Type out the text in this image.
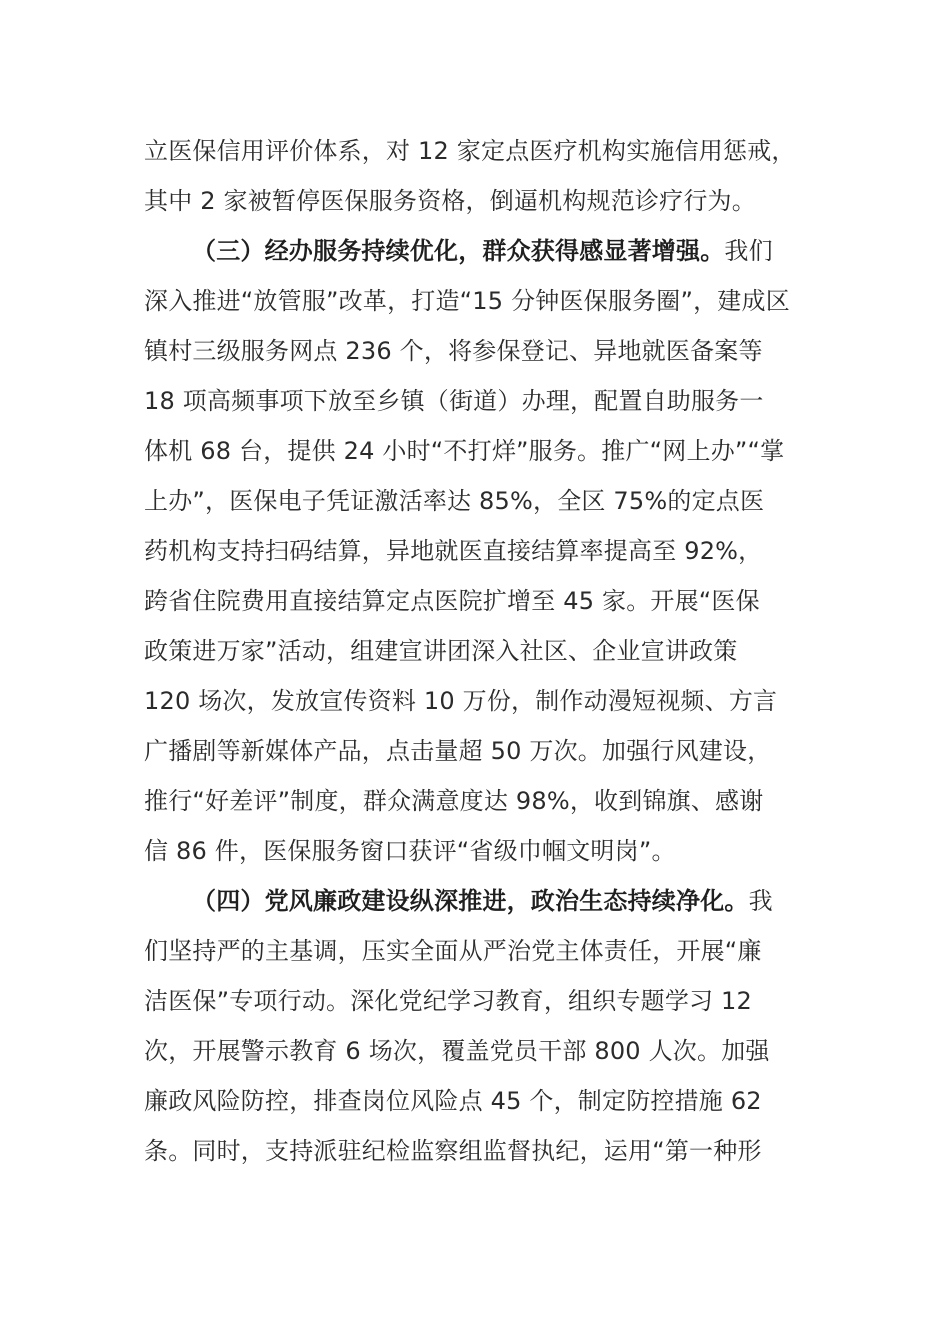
立医保信用评价体系，对 12 家定点医疗机构实施信用惩戒，
其中 2 家被暂停医保服务资格，倒逼机构规范诊疗行为。
（三）经办服务持续优化，群众获得感显著增强。我们
深入推进“放管服”改革，打造“15 分钟医保服务圈”，建成区
镇村三级服务网点 236 个，将参保登记、异地就医备案等
18 项高频事项下放至乡镇（街道）办理，配置自助服务一
体机 68 台，提供 24 小时“不打烊”服务。推广“网上办”“掌
上办”，医保电子凭证激活率达 85%，全区 75%的定点医
药机构支持扫码结算，异地就医直接结算率提高至 92%，
跨省住院费用直接结算定点医院扩增至 45 家。开展“医保
政策进万家”活动，组建宣讲团深入社区、企业宣讲政策
120 场次，发放宣传资料 10 万份，制作动漫短视频、方言
广播剧等新媒体产品，点击量超 50 万次。加强行风建设，
推行“好差评”制度，群众满意度达 98%，收到锦旗、感谢
信 86 件，医保服务窗口获评“省级巾帼文明岗”。
（四）党风廉政建设纵深推进，政治生态持续净化。我
们坚持严的主基调，压实全面从严治党主体责任，开展“廉
洁医保”专项行动。深化党纪学习教育，组织专题学习 12
次，开展警示教育 6 场次，覆盖党员干部 800 人次。加强
廉政风险防控，排查岗位风险点 45 个，制定防控措施 62
条。同时，支持派驻纪检监察组监督执纪，运用“第一种形
